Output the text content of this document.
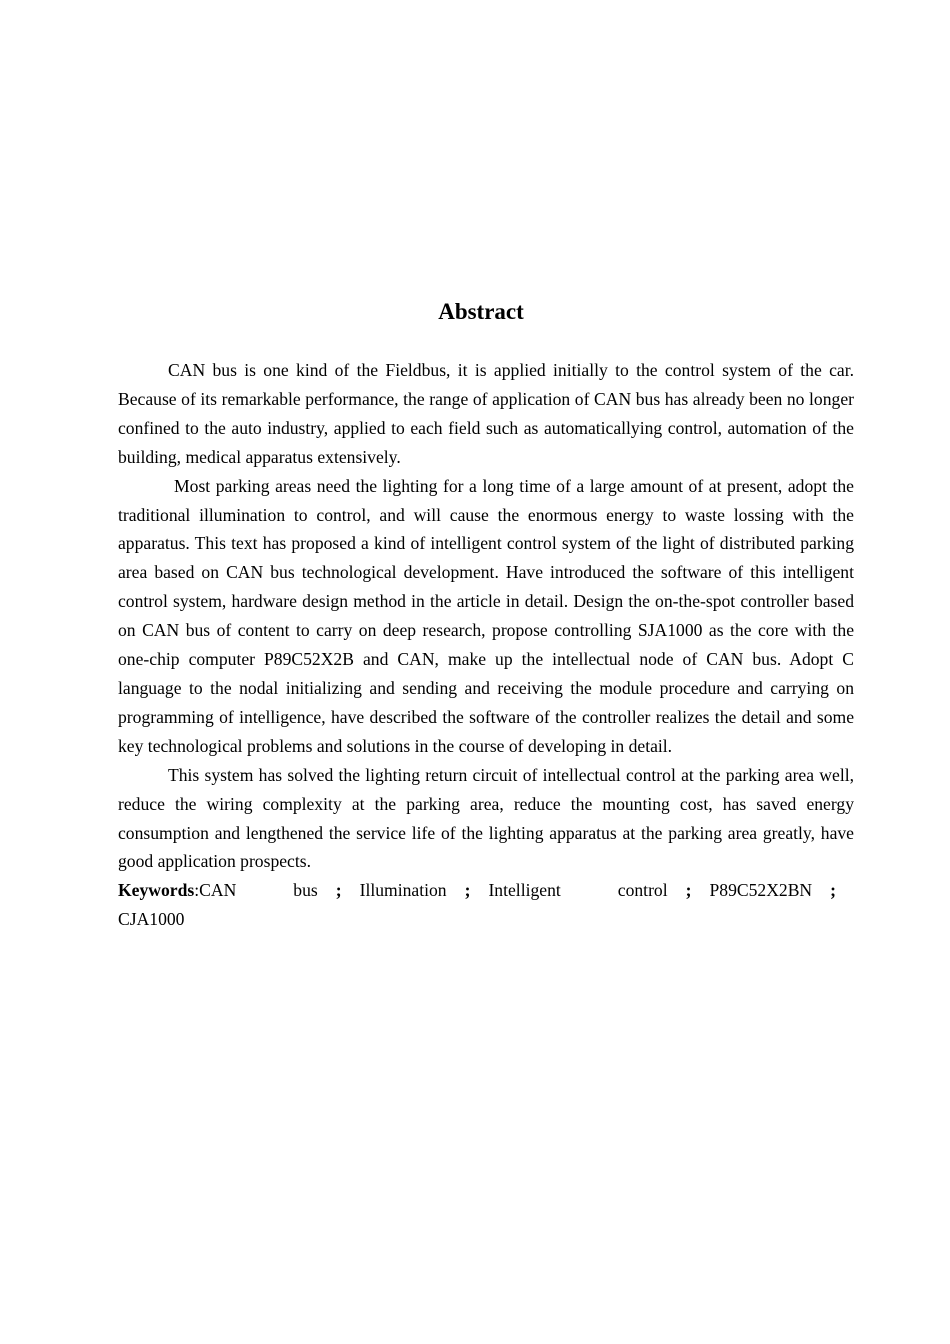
Abstract

CAN bus is one kind of the Fieldbus, it is applied initially to the control system of the car. Because of its remarkable performance, the range of application of CAN bus has already been no longer confined to the auto industry, applied to each field such as automaticallying control, automation of the building, medical apparatus extensively.

Most parking areas need the lighting for a long time of a large amount of at present, adopt the traditional illumination to control, and will cause the enormous energy to waste lossing with the apparatus. This text has proposed a kind of intelligent control system of the light of distributed parking area based on CAN bus technological development. Have introduced the software of this intelligent control system, hardware design method in the article in detail. Design the on-the-spot controller based on CAN bus of content to carry on deep research, propose controlling SJA1000 as the core with the one-chip computer P89C52X2B and CAN, make up the intellectual node of CAN bus. Adopt C language to the nodal initializing and sending and receiving the module procedure and carrying on programming of intelligence, have described the software of the controller realizes the detail and some key technological problems and solutions in the course of developing in detail.

This system has solved the lighting return circuit of intellectual control at the parking area well, reduce the wiring complexity at the parking area, reduce the mounting cost, has saved energy consumption and lengthened the service life of the lighting apparatus at the parking area greatly, have good application prospects.

Keywords:CAN bus ; Illumination ; Intelligent control ; P89C52X2BN ;

CJA1000
